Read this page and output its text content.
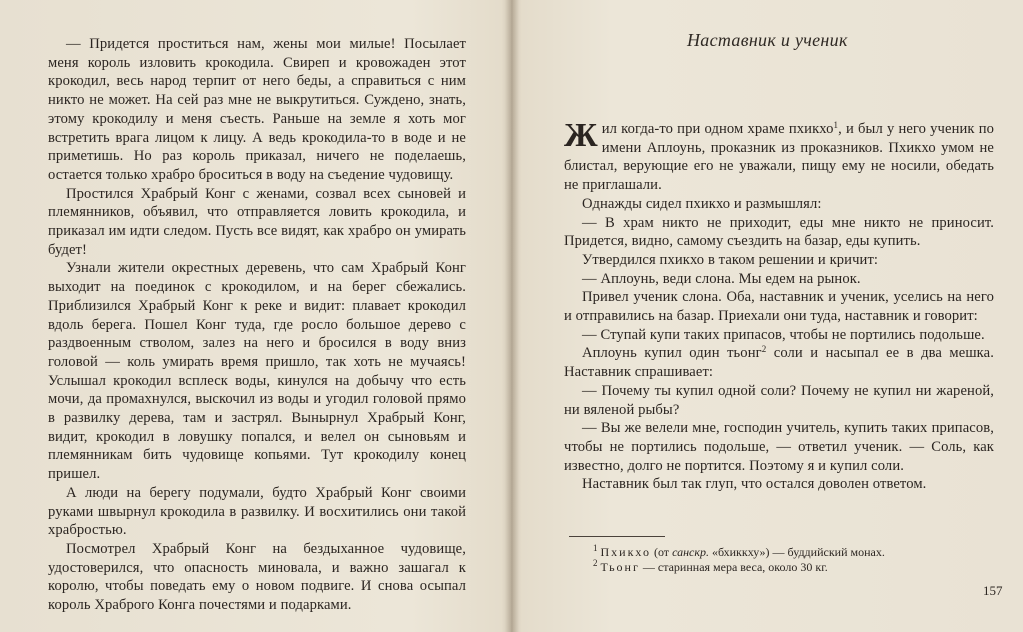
— Придется проститься нам, жены мои милые! Посылает меня король изловить крокодила. Свиреп и кровожаден этот крокодил, весь народ терпит от него беды, а справиться с ним никто не может. На сей раз мне не выкрутиться. Суждено, знать, этому крокодилу и меня съесть. Раньше на земле я хоть мог встретить врага лицом к лицу. А ведь крокодила-то в воде и не приметишь. Но раз король приказал, ничего не поделаешь, остается только храбро броситься в воду на съедение чудовищу.

Простился Храбрый Конг с женами, созвал всех сыновей и племянников, объявил, что отправляется ловить крокодила, и приказал им идти следом. Пусть все видят, как храбро он умирать будет!

Узнали жители окрестных деревень, что сам Храбрый Конг выходит на поединок с крокодилом, и на берег сбежались. Приблизился Храбрый Конг к реке и видит: плавает крокодил вдоль берега. Пошел Конг туда, где росло большое дерево с раздвоенным стволом, залез на него и бросился в воду вниз головой — коль умирать время пришло, так хоть не мучаясь! Услышал крокодил всплеск воды, кинулся на добычу что есть мочи, да промахнулся, выскочил из воды и угодил головой прямо в развилку дерева, там и застрял. Вынырнул Храбрый Конг, видит, крокодил в ловушку попался, и велел он сыновьям и племянникам бить чудовище копьями. Тут крокодилу конец пришел.

А люди на берегу подумали, будто Храбрый Конг своими руками швырнул крокодила в развилку. И восхитились они такой храбростью.

Посмотрел Храбрый Конг на бездыханное чудовище, удостоверился, что опасность миновала, и важно зашагал к королю, чтобы поведать ему о новом подвиге. И снова осыпал король Храброго Конга почестями и подарками.

Наставник и ученик

Жил когда-то при одном храме пхикхо$^1$, и был у него ученик по имени Аплоунь, проказник из проказников. Пхикхо умом не блистал, верующие его не уважали, пищу ему не носили, обедать не приглашали.

Однажды сидел пхикхо и размышлял:

— В храм никто не приходит, еды мне никто не приносит. Придется, видно, самому съездить на базар, еды купить.

Утвердился пхикхо в таком решении и кричит:

— Аплоунь, веди слона. Мы едем на рынок.

Привел ученик слона. Оба, наставник и ученик, уселись на него и отправились на базар. Приехали они туда, наставник и говорит:

— Ступай купи таких припасов, чтобы не портились подольше.

Аплоунь купил один тьонг$^2$ соли и насыпал ее в два мешка. Наставник спрашивает:

— Почему ты купил одной соли? Почему не купил ни жареной, ни вяленой рыбы?

— Вы же велели мне, господин учитель, купить таких припасов, чтобы не портились подольше, — ответил ученик. — Соль, как известно, долго не портится. Поэтому я и купил соли.

Наставник был так глуп, что остался доволен ответом.

$^1$ Пхикхо (от санскр. «бхиккху») — буддийский монах.

$^2$ Тьонг — старинная мера веса, около 30 кг.

157
